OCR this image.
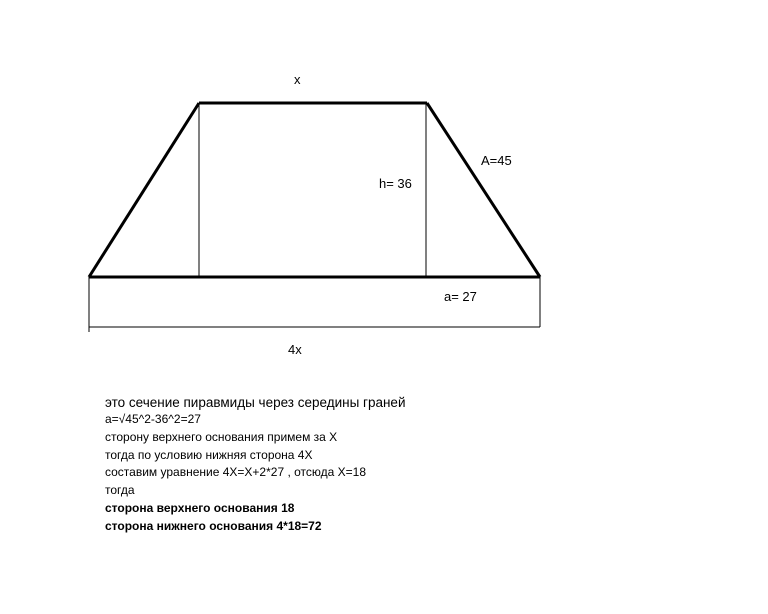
x
h= 36
A=45
a= 27
4x
это сечение пиравмиды через середины граней
a=√45^2-36^2=27
сторону верхнего основания примем за X
тогда по условию нижняя сторона 4X
составим уравнение 4X=X+2*27 , отсюда X=18
тогда
сторона верхнего основания 18
сторона нижнего основания 4*18=72
